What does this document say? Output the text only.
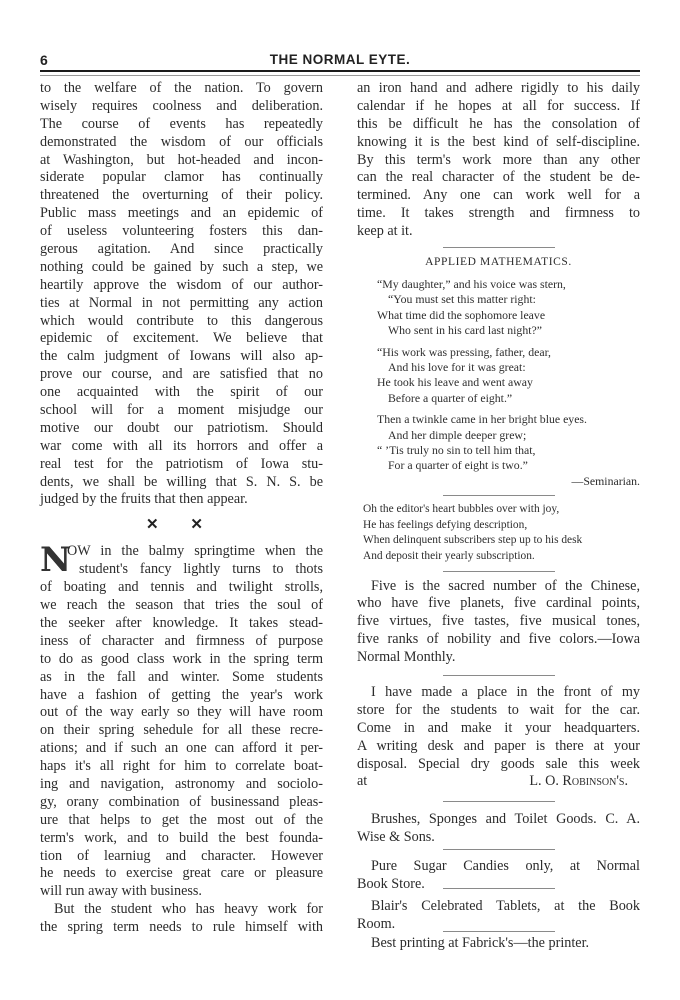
6	THE NORMAL EYTE.
to the welfare of the nation. To govern
wisely requires coolness and deliberation.
The course of events has repeatedly
demonstrated the wisdom of our officials
at Washington, but hot-headed and incon-
siderate popular clamor has continually
threatened the overturning of their policy.
Public mass meetings and an epidemic of
of useless volunteering fosters this dan-
gerous agitation. And since practically
nothing could be gained by such a step, we
heartily approve the wisdom of our author-
ties at Normal in not permitting any action
which would contribute to this dangerous
epidemic of excitement. We believe that
the calm judgment of Iowans will also ap-
prove our course, and are satisfied that no
one acquainted with the spirit of our
school will for a moment misjudge our
motive our doubt our patriotism. Should
war come with all its horrors and offer a
real test for the patriotism of Iowa stu-
dents, we shall be willing that S. N. S. be
judged by the fruits that then appear.
✕ ✕
N
OW in the balmy springtime when the
student's fancy lightly turns to thots
of boating and tennis and twilight strolls,
we reach the season that tries the soul of
the seeker after knowledge. It takes stead-
iness of character and firmness of purpose
to do as good class work in the spring term
as in the fall and winter. Some students
have a fashion of getting the year's work
out of the way early so they will have room
on their spring sehedule for all these recre-
ations; and if such an one can afford it per-
haps it's all right for him to correlate boat-
ing and navigation, astronomy and sociolo-
gy, orany combination of businessand pleas-
ure that helps to get the most out of the
term's work, and to build the best founda-
tion of learniug and character. However
he needs to exercise great care or pleasure
will run away with business.
But the student who has heavy work for
the spring term needs to rule himself with
an iron hand and adhere rigidly to his daily
calendar if he hopes at all for success. If
this be difficult he has the consolation of
knowing it is the best kind of self-discipline.
By this term's work more than any other
can the real character of the student be de-
termined. Any one can work well for a
time. It takes strength and firmness to
keep at it.
APPLIED MATHEMATICS.
“My daughter,” and his voice was stern,
“You must set this matter right:
What time did the sophomore leave
Who sent in his card last night?”
“His work was pressing, father, dear,
And his love for it was great:
He took his leave and went away
Before a quarter of eight.”
Then a twinkle came in her bright blue eyes.
And her dimple deeper grew;
“ ’Tis truly no sin to tell him that,
For a quarter of eight is two.”
—Seminarian.
Oh the editor's heart bubbles over with joy,
He has feelings defying description,
When delinquent subscribers step up to his desk
And deposit their yearly subscription.
Five is the sacred number of the Chinese,
who have five planets, five cardinal points,
five virtues, five tastes, five musical tones,
five ranks of nobility and five colors.—Iowa
Normal Monthly.
I have made a place in the front of my
store for the students to wait for the car.
Come in and make it your headquarters.
A writing desk and paper is there at your
disposal. Special dry goods sale this week
at	L. O. Robinson's.
Brushes, Sponges and Toilet Goods. C. A.
Wise & Sons.
Pure Sugar Candies only, at Normal
Book Store.
Blair's Celebrated Tablets, at the Book
Room.
Best printing at Fabrick's—the printer.
